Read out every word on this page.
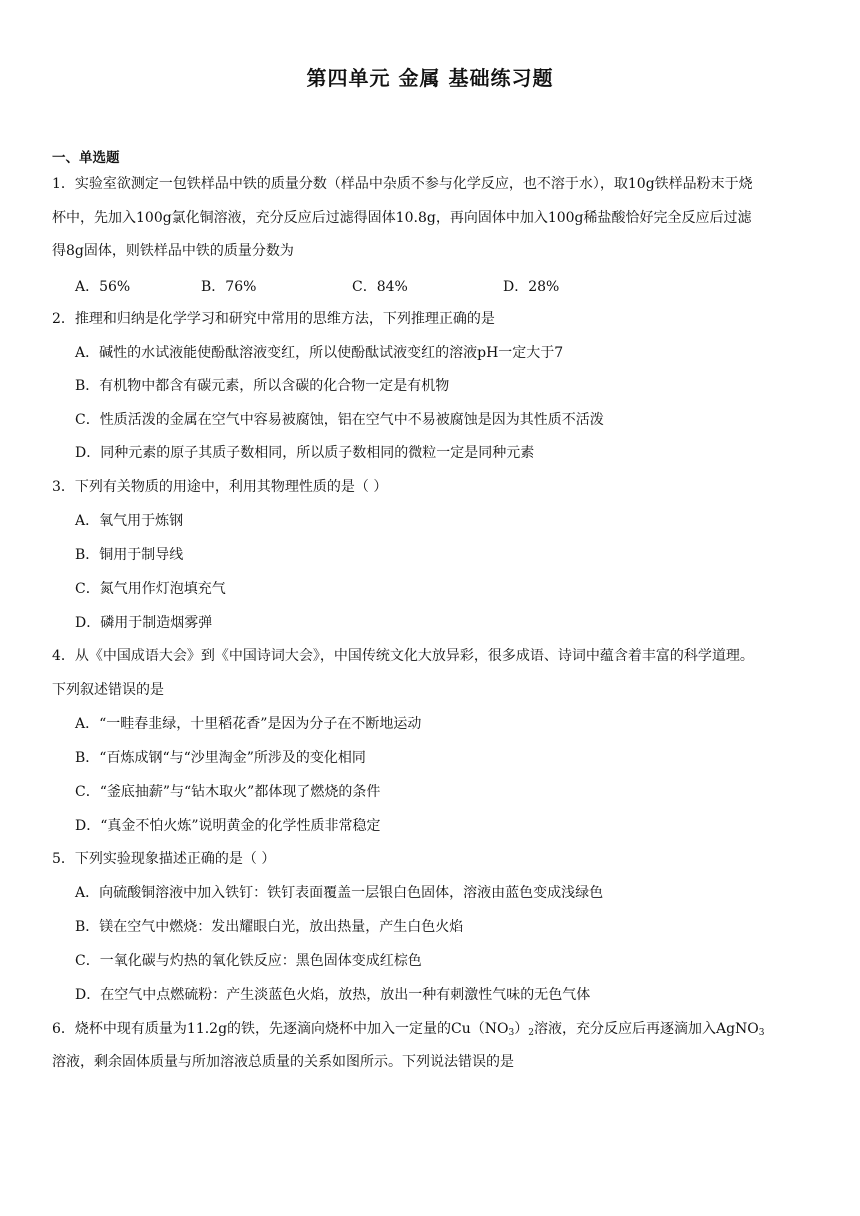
第四单元 金属 基础练习题
一、单选题
1．实验室欲测定一包铁样品中铁的质量分数（样品中杂质不参与化学反应，也不溶于水），取10g铁样品粉末于烧
杯中，先加入100g氯化铜溶液，充分反应后过滤得固体10.8g，再向固体中加入100g稀盐酸恰好完全反应后过滤
得8g固体，则铁样品中铁的质量分数为
A．56%	B．76%	C．84%	D．28%
2．推理和归纳是化学学习和研究中常用的思维方法，下列推理正确的是
A．碱性的水试液能使酚酞溶液变红，所以使酚酞试液变红的溶液pH一定大于7
B．有机物中都含有碳元素，所以含碳的化合物一定是有机物
C．性质活泼的金属在空气中容易被腐蚀，铝在空气中不易被腐蚀是因为其性质不活泼
D．同种元素的原子其质子数相同，所以质子数相同的微粒一定是同种元素
3．下列有关物质的用途中，利用其物理性质的是（ ）
A．氧气用于炼钢
B．铜用于制导线
C．氮气用作灯泡填充气
D．磷用于制造烟雾弹
4．从《中国成语大会》到《中国诗词大会》，中国传统文化大放异彩，很多成语、诗词中蕴含着丰富的科学道理。
下列叙述错误的是
A．“一畦春韭绿，十里稻花香”是因为分子在不断地运动
B．“百炼成钢“与“沙里淘金”所涉及的变化相同
C．“釜底抽薪”与“钻木取火”都体现了燃烧的条件
D．“真金不怕火炼”说明黄金的化学性质非常稳定
5．下列实验现象描述正确的是（ ）
A．向硫酸铜溶液中加入铁钉：铁钉表面覆盖一层银白色固体，溶液由蓝色变成浅绿色
B．镁在空气中燃烧：发出耀眼白光，放出热量，产生白色火焰
C．一氧化碳与灼热的氧化铁反应：黑色固体变成红棕色
D．在空气中点燃硫粉：产生淡蓝色火焰，放热，放出一种有刺激性气味的无色气体
6．烧杯中现有质量为11.2g的铁，先逐滴向烧杯中加入一定量的$Cu(NO_3)_2$溶液，充分反应后再逐滴加入AgNO$_3$
溶液，剩余固体质量与所加溶液总质量的关系如图所示。下列说法错误的是
